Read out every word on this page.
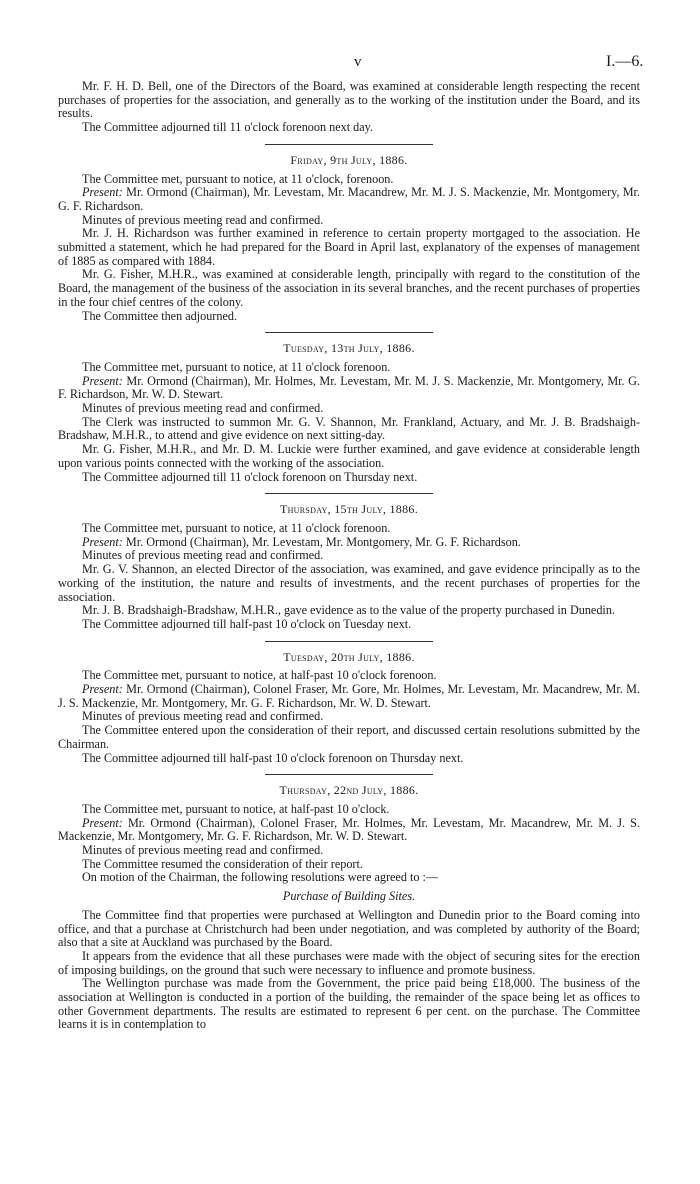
v	I.—6.

Mr. F. H. D. Bell, one of the Directors of the Board, was examined at considerable length respecting the recent purchases of properties for the association, and generally as to the working of the institution under the Board, and its results.

The Committee adjourned till 11 o'clock forenoon next day.

Friday, 9th July, 1886.

The Committee met, pursuant to notice, at 11 o'clock, forenoon.

Present: Mr. Ormond (Chairman), Mr. Levestam, Mr. Macandrew, Mr. M. J. S. Mackenzie, Mr. Montgomery, Mr. G. F. Richardson.

Minutes of previous meeting read and confirmed.

Mr. J. H. Richardson was further examined in reference to certain property mortgaged to the association. He submitted a statement, which he had prepared for the Board in April last, explanatory of the expenses of management of 1885 as compared with 1884.

Mr. G. Fisher, M.H.R., was examined at considerable length, principally with regard to the constitution of the Board, the management of the business of the association in its several branches, and the recent purchases of properties in the four chief centres of the colony.

The Committee then adjourned.

Tuesday, 13th July, 1886.

The Committee met, pursuant to notice, at 11 o'clock forenoon.

Present: Mr. Ormond (Chairman), Mr. Holmes, Mr. Levestam, Mr. M. J. S. Mackenzie, Mr. Montgomery, Mr. G. F. Richardson, Mr. W. D. Stewart.

Minutes of previous meeting read and confirmed.

The Clerk was instructed to summon Mr. G. V. Shannon, Mr. Frankland, Actuary, and Mr. J. B. Bradshaigh-Bradshaw, M.H.R., to attend and give evidence on next sitting-day.

Mr. G. Fisher, M.H.R., and Mr. D. M. Luckie were further examined, and gave evidence at considerable length upon various points connected with the working of the association.

The Committee adjourned till 11 o'clock forenoon on Thursday next.

Thursday, 15th July, 1886.

The Committee met, pursuant to notice, at 11 o'clock forenoon.

Present: Mr. Ormond (Chairman), Mr. Levestam, Mr. Montgomery, Mr. G. F. Richardson.

Minutes of previous meeting read and confirmed.

Mr. G. V. Shannon, an elected Director of the association, was examined, and gave evidence principally as to the working of the institution, the nature and results of investments, and the recent purchases of properties for the association.

Mr. J. B. Bradshaigh-Bradshaw, M.H.R., gave evidence as to the value of the property purchased in Dunedin.

The Committee adjourned till half-past 10 o'clock on Tuesday next.

Tuesday, 20th July, 1886.

The Committee met, pursuant to notice, at half-past 10 o'clock forenoon.

Present: Mr. Ormond (Chairman), Colonel Fraser, Mr. Gore, Mr. Holmes, Mr. Levestam, Mr. Macandrew, Mr. M. J. S. Mackenzie, Mr. Montgomery, Mr. G. F. Richardson, Mr. W. D. Stewart.

Minutes of previous meeting read and confirmed.

The Committee entered upon the consideration of their report, and discussed certain resolutions submitted by the Chairman.

The Committee adjourned till half-past 10 o'clock forenoon on Thursday next.

Thursday, 22nd July, 1886.

The Committee met, pursuant to notice, at half-past 10 o'clock.

Present: Mr. Ormond (Chairman), Colonel Fraser, Mr. Holmes, Mr. Levestam, Mr. Macandrew, Mr. M. J. S. Mackenzie, Mr. Montgomery, Mr. G. F. Richardson, Mr. W. D. Stewart.

Minutes of previous meeting read and confirmed.

The Committee resumed the consideration of their report.

On motion of the Chairman, the following resolutions were agreed to :—

Purchase of Building Sites.

The Committee find that properties were purchased at Wellington and Dunedin prior to the Board coming into office, and that a purchase at Christchurch had been under negotiation, and was completed by authority of the Board; also that a site at Auckland was purchased by the Board.

It appears from the evidence that all these purchases were made with the object of securing sites for the erection of imposing buildings, on the ground that such were necessary to influence and promote business.

The Wellington purchase was made from the Government, the price paid being £18,000. The business of the association at Wellington is conducted in a portion of the building, the remainder of the space being let as offices to other Government departments. The results are estimated to represent 6 per cent. on the purchase. The Committee learns it is in contemplation to
